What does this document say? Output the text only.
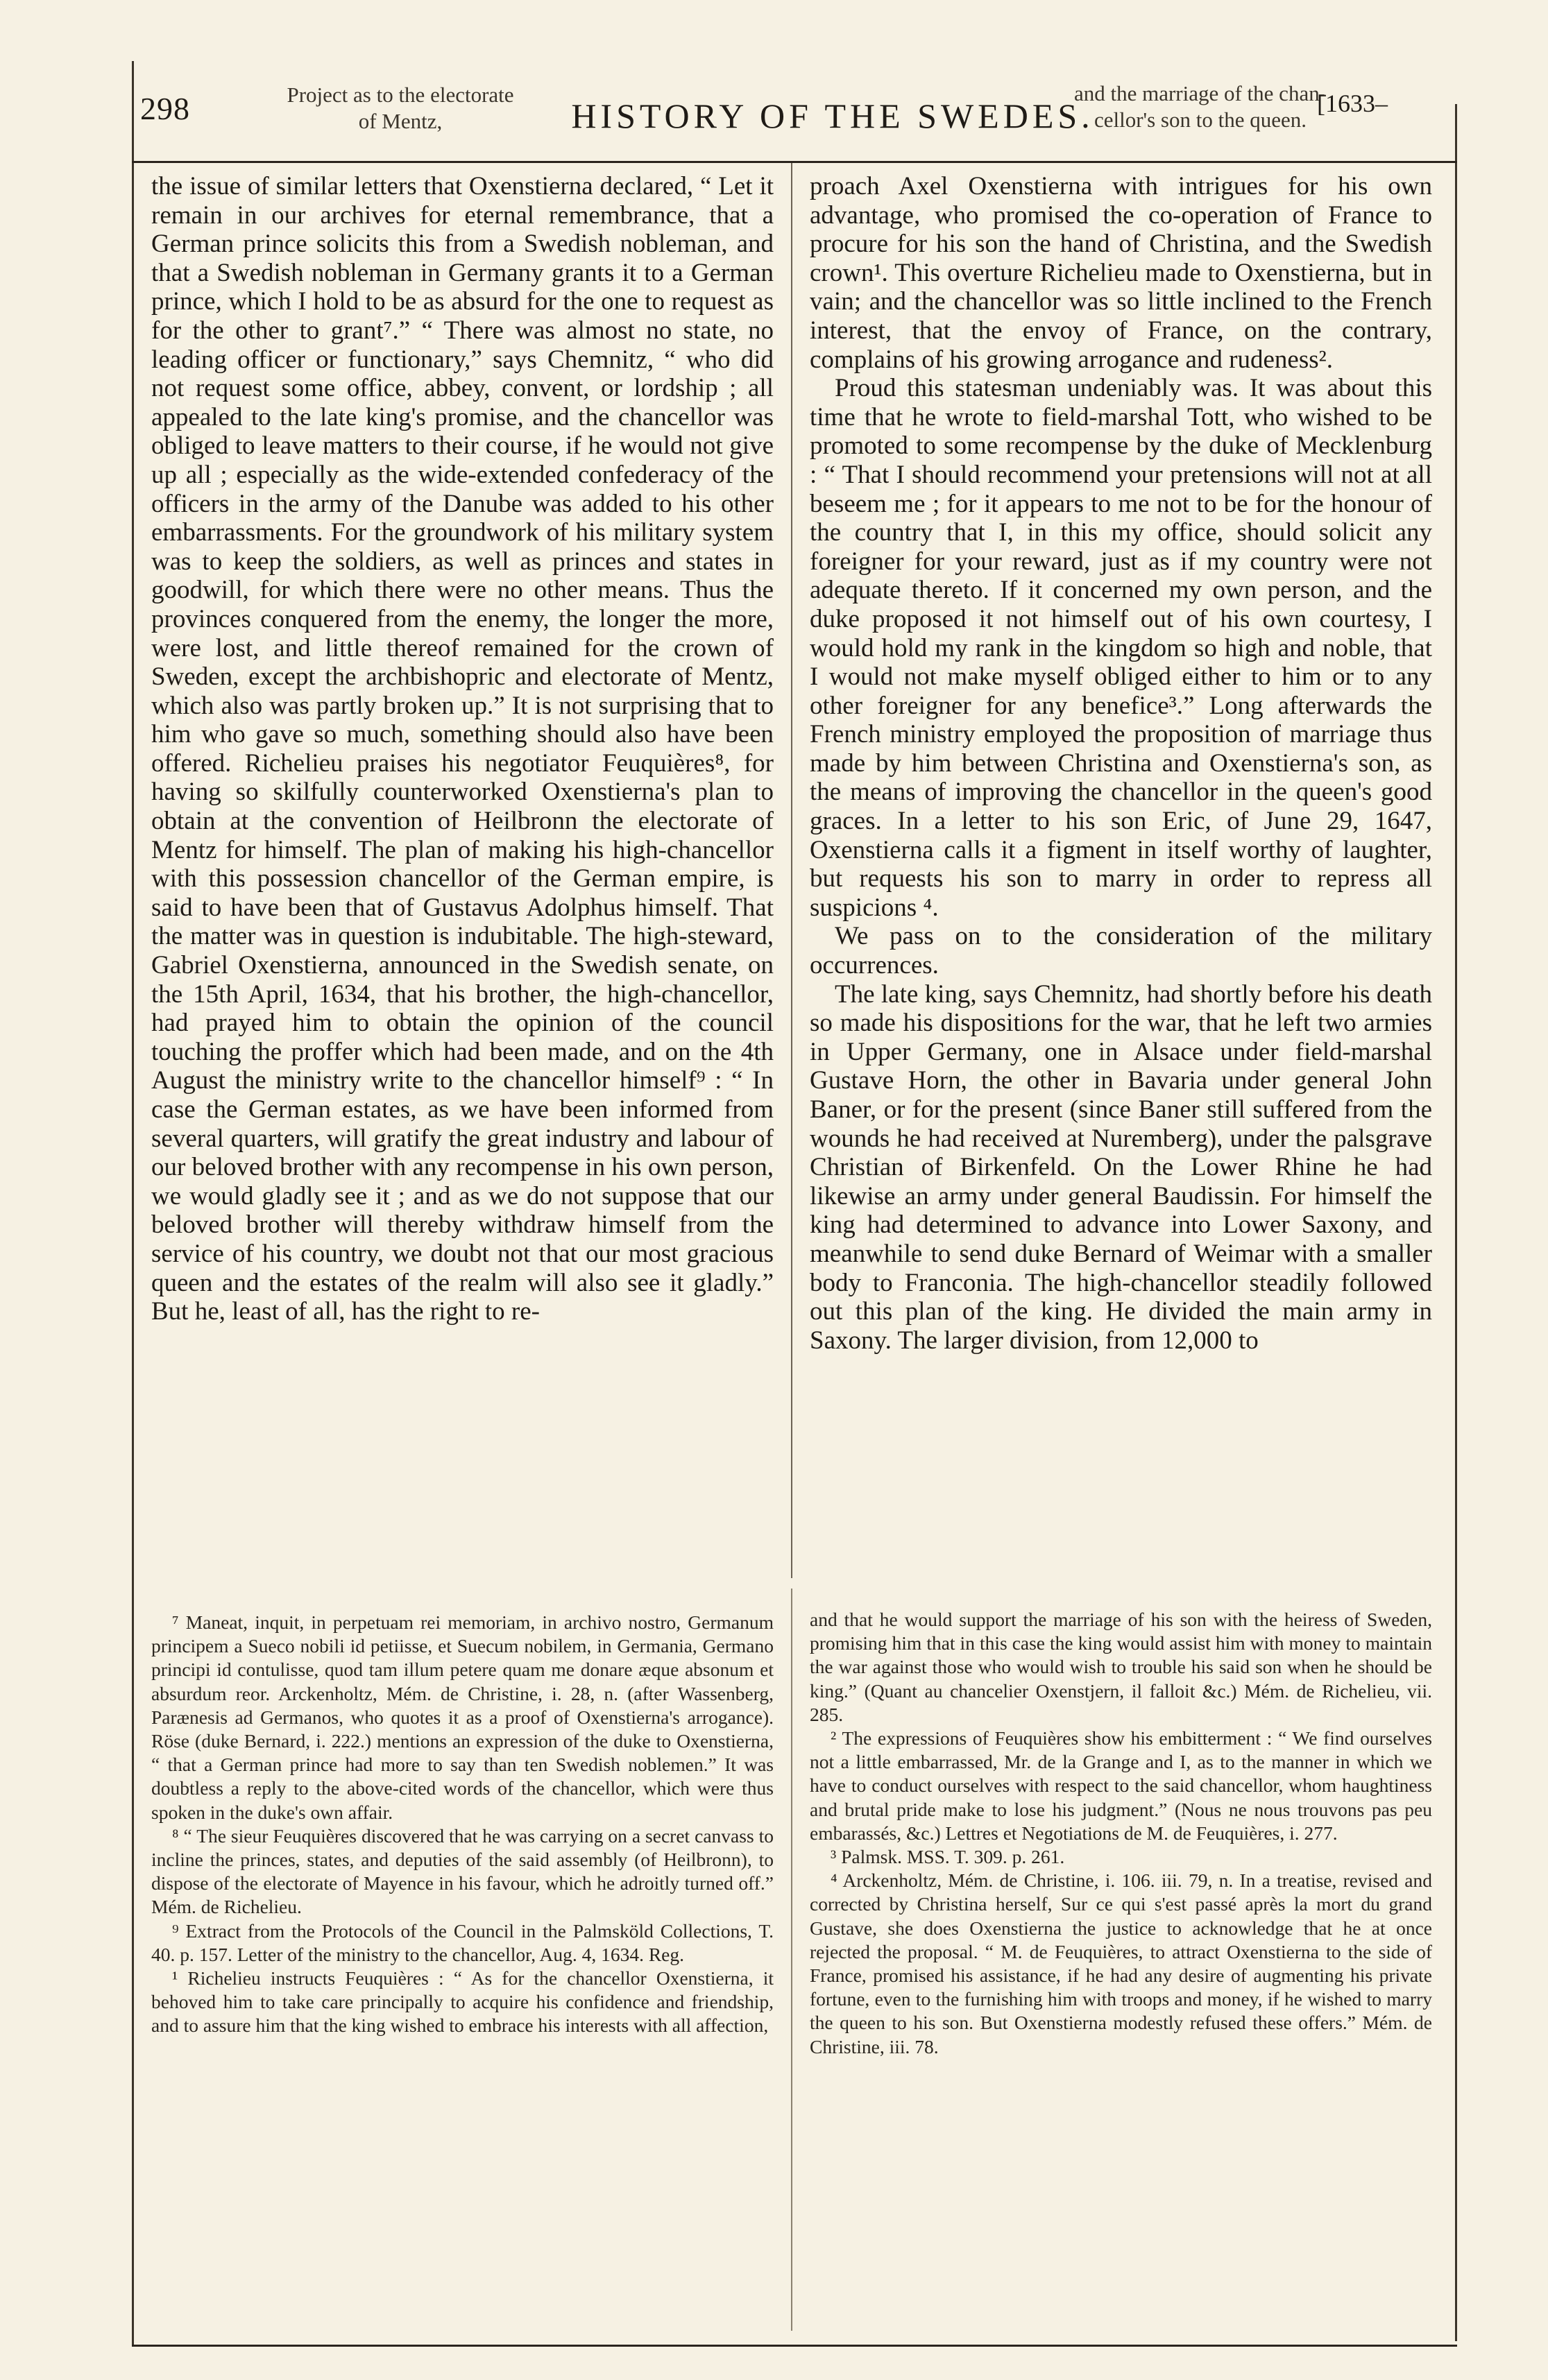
298	Project as to the electorate
of Mentz,	HISTORY OF THE SWEDES.
and the marriage of the chan-
cellor's son to the queen.
[1633–

the issue of similar letters that Oxenstierna declared, “ Let it remain in our archives for eternal remembrance, that a German prince solicits this from a Swedish nobleman, and that a Swedish nobleman in Germany grants it to a German prince, which I hold to be as absurd for the one to request as for the other to grant⁷.” “ There was almost no state, no leading officer or functionary,” says Chemnitz, “ who did not request some office, abbey, convent, or lordship ; all appealed to the late king's promise, and the chancellor was obliged to leave matters to their course, if he would not give up all ; especially as the wide-extended confederacy of the officers in the army of the Danube was added to his other embarrassments. For the groundwork of his military system was to keep the soldiers, as well as princes and states in goodwill, for which there were no other means. Thus the provinces conquered from the enemy, the longer the more, were lost, and little thereof remained for the crown of Sweden, except the archbishopric and electorate of Mentz, which also was partly broken up.” It is not surprising that to him who gave so much, something should also have been offered. Richelieu praises his negotiator Feuquières⁸, for having so skilfully counterworked Oxenstierna's plan to obtain at the convention of Heilbronn the electorate of Mentz for himself. The plan of making his high-chancellor with this possession chancellor of the German empire, is said to have been that of Gustavus Adolphus himself. That the matter was in question is indubitable. The high-steward, Gabriel Oxenstierna, announced in the Swedish senate, on the 15th April, 1634, that his brother, the high-chancellor, had prayed him to obtain the opinion of the council touching the proffer which had been made, and on the 4th August the ministry write to the chancellor himself⁹ : “ In case the German estates, as we have been informed from several quarters, will gratify the great industry and labour of our beloved brother with any recompense in his own person, we would gladly see it ; and as we do not suppose that our beloved brother will thereby withdraw himself from the service of his country, we doubt not that our most gracious queen and the estates of the realm will also see it gladly.” But he, least of all, has the right to re-

proach Axel Oxenstierna with intrigues for his own advantage, who promised the co-operation of France to procure for his son the hand of Christina, and the Swedish crown¹. This overture Richelieu made to Oxenstierna, but in vain; and the chancellor was so little inclined to the French interest, that the envoy of France, on the contrary, complains of his growing arrogance and rudeness².

Proud this statesman undeniably was. It was about this time that he wrote to field-marshal Tott, who wished to be promoted to some recompense by the duke of Mecklenburg : “ That I should recommend your pretensions will not at all beseem me ; for it appears to me not to be for the honour of the country that I, in this my office, should solicit any foreigner for your reward, just as if my country were not adequate thereto. If it concerned my own person, and the duke proposed it not himself out of his own courtesy, I would hold my rank in the kingdom so high and noble, that I would not make myself obliged either to him or to any other foreigner for any benefice³.” Long afterwards the French ministry employed the proposition of marriage thus made by him between Christina and Oxenstierna's son, as the means of improving the chancellor in the queen's good graces. In a letter to his son Eric, of June 29, 1647, Oxenstierna calls it a figment in itself worthy of laughter, but requests his son to marry in order to repress all suspicions ⁴.

We pass on to the consideration of the military occurrences.

The late king, says Chemnitz, had shortly before his death so made his dispositions for the war, that he left two armies in Upper Germany, one in Alsace under field-marshal Gustave Horn, the other in Bavaria under general John Baner, or for the present (since Baner still suffered from the wounds he had received at Nuremberg), under the palsgrave Christian of Birkenfeld. On the Lower Rhine he had likewise an army under general Baudissin. For himself the king had determined to advance into Lower Saxony, and meanwhile to send duke Bernard of Weimar with a smaller body to Franconia. The high-chancellor steadily followed out this plan of the king. He divided the main army in Saxony. The larger division, from 12,000 to

⁷ Maneat, inquit, in perpetuam rei memoriam, in archivo nostro, Germanum principem a Sueco nobili id petiisse, et Suecum nobilem, in Germania, Germano principi id contulisse, quod tam illum petere quam me donare æque absonum et absurdum reor. Arckenholtz, Mém. de Christine, i. 28, n. (after Wassenberg, Parænesis ad Germanos, who quotes it as a proof of Oxenstierna's arrogance). Röse (duke Bernard, i. 222.) mentions an expression of the duke to Oxenstierna, “ that a German prince had more to say than ten Swedish noblemen.” It was doubtless a reply to the above-cited words of the chancellor, which were thus spoken in the duke's own affair.

⁸ “ The sieur Feuquières discovered that he was carrying on a secret canvass to incline the princes, states, and deputies of the said assembly (of Heilbronn), to dispose of the electorate of Mayence in his favour, which he adroitly turned off.” Mém. de Richelieu.

⁹ Extract from the Protocols of the Council in the Palmsköld Collections, T. 40. p. 157. Letter of the ministry to the chancellor, Aug. 4, 1634. Reg.

¹ Richelieu instructs Feuquières : “ As for the chancellor Oxenstierna, it behoved him to take care principally to acquire his confidence and friendship, and to assure him that the king wished to embrace his interests with all affection,

and that he would support the marriage of his son with the heiress of Sweden, promising him that in this case the king would assist him with money to maintain the war against those who would wish to trouble his said son when he should be king.” (Quant au chancelier Oxenstjern, il falloit &c.) Mém. de Richelieu, vii. 285.

² The expressions of Feuquières show his embitterment : “ We find ourselves not a little embarrassed, Mr. de la Grange and I, as to the manner in which we have to conduct ourselves with respect to the said chancellor, whom haughtiness and brutal pride make to lose his judgment.” (Nous ne nous trouvons pas peu embarassés, &c.) Lettres et Negotiations de M. de Feuquières, i. 277.

³ Palmsk. MSS. T. 309. p. 261.

⁴ Arckenholtz, Mém. de Christine, i. 106. iii. 79, n. In a treatise, revised and corrected by Christina herself, Sur ce qui s'est passé après la mort du grand Gustave, she does Oxenstierna the justice to acknowledge that he at once rejected the proposal. “ M. de Feuquières, to attract Oxenstierna to the side of France, promised his assistance, if he had any desire of augmenting his private fortune, even to the furnishing him with troops and money, if he wished to marry the queen to his son. But Oxenstierna modestly refused these offers.” Mém. de Christine, iii. 78.
